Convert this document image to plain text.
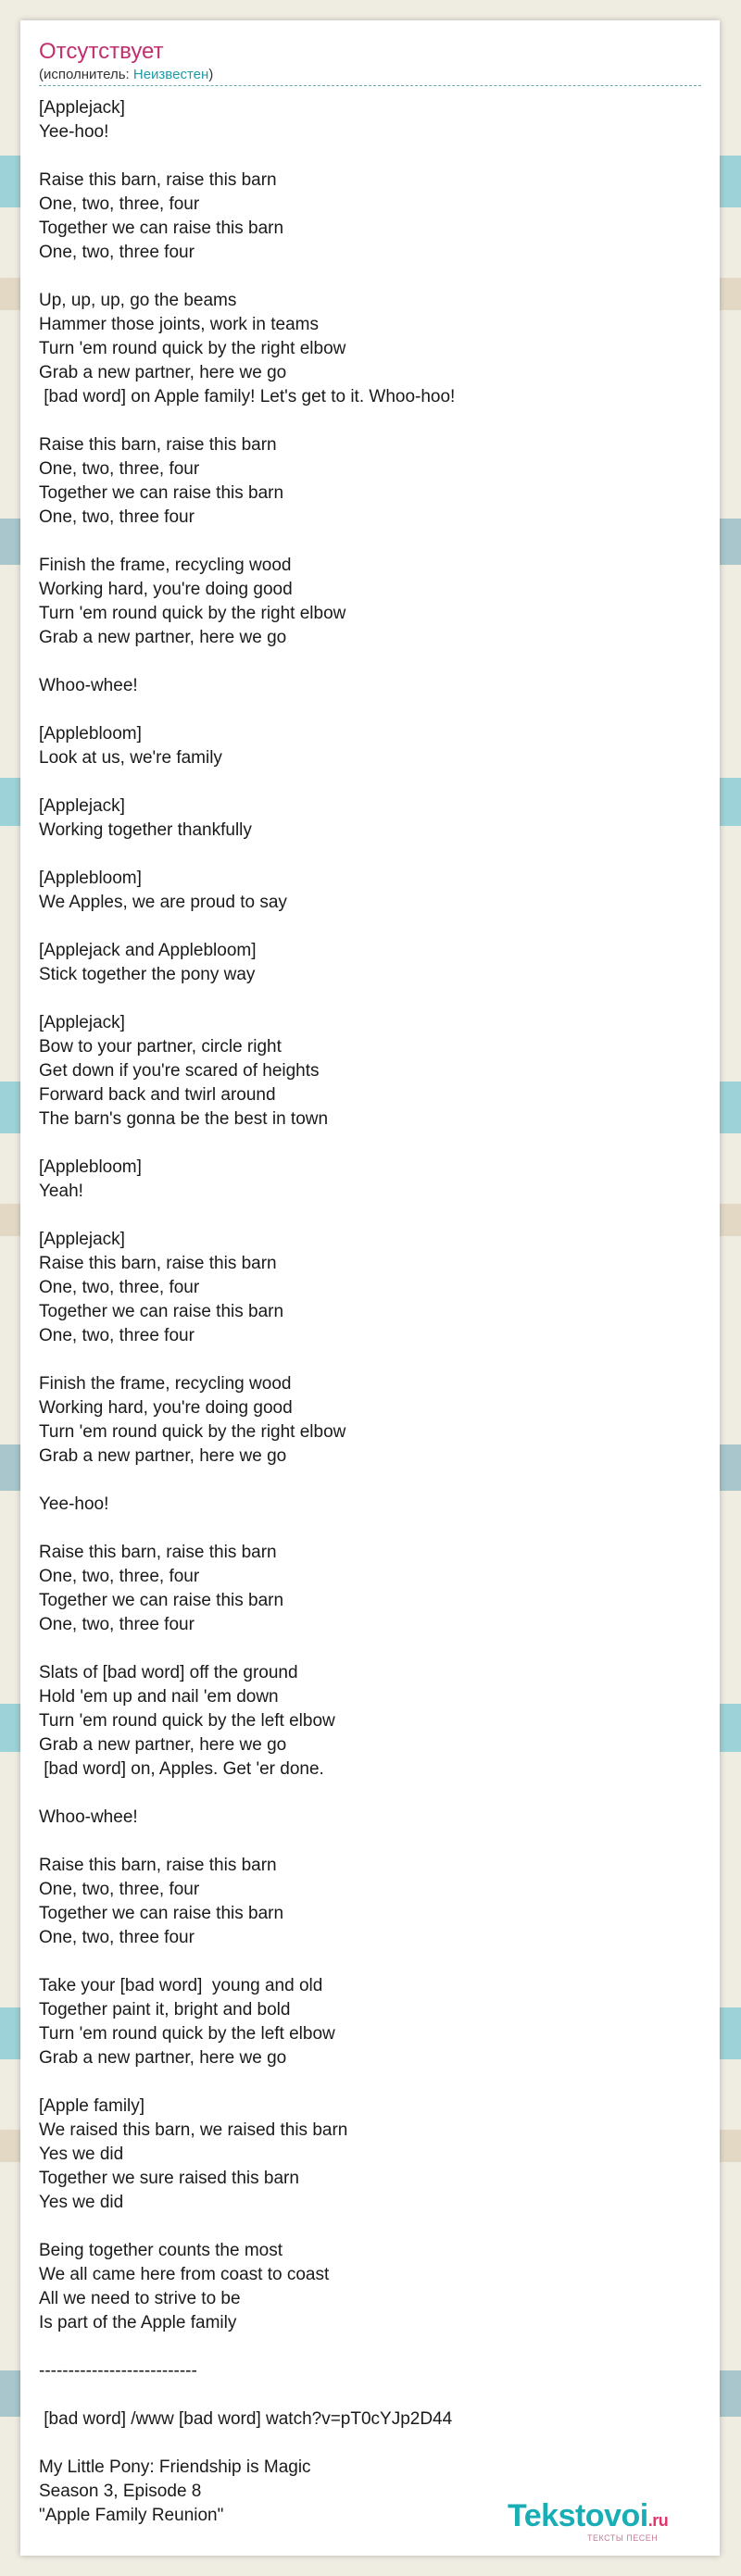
Отсутствует
(исполнитель: Неизвестен)
[Applejack]
Yee-hoo!
Raise this barn, raise this barn
One, two, three, four
Together we can raise this barn
One, two, three four
Up, up, up, go the beams
Hammer those joints, work in teams
Turn 'em round quick by the right elbow
Grab a new partner, here we go
[bad word] on Apple family! Let's get to it. Whoo-hoo!
Raise this barn, raise this barn
One, two, three, four
Together we can raise this barn
One, two, three four
Finish the frame, recycling wood
Working hard, you're doing good
Turn 'em round quick by the right elbow
Grab a new partner, here we go
Whoo-whee!
[Applebloom]
Look at us, we're family
[Applejack]
Working together thankfully
[Applebloom]
We Apples, we are proud to say
[Applejack and Applebloom]
Stick together the pony way
[Applejack]
Bow to your partner, circle right
Get down if you're scared of heights
Forward back and twirl around
The barn's gonna be the best in town
[Applebloom]
Yeah!
[Applejack]
Raise this barn, raise this barn
One, two, three, four
Together we can raise this barn
One, two, three four
Finish the frame, recycling wood
Working hard, you're doing good
Turn 'em round quick by the right elbow
Grab a new partner, here we go
Yee-hoo!
Raise this barn, raise this barn
One, two, three, four
Together we can raise this barn
One, two, three four
Slats of [bad word] off the ground
Hold 'em up and nail 'em down
Turn 'em round quick by the left elbow
Grab a new partner, here we go
[bad word] on, Apples. Get 'er done.
Whoo-whee!
Raise this barn, raise this barn
One, two, three, four
Together we can raise this barn
One, two, three four
Take your [bad word]  young and old
Together paint it, bright and bold
Turn 'em round quick by the left elbow
Grab a new partner, here we go
[Apple family]
We raised this barn, we raised this barn
Yes we did
Together we sure raised this barn
Yes we did
Being together counts the most
We all came here from coast to coast
All we need to strive to be
Is part of the Apple family
---------------------------
[bad word] /www [bad word] watch?v=pT0cYJp2D44
My Little Pony: Friendship is Magic
Season 3, Episode 8
"Apple Family Reunion"	Tekstovoi.ru
ТЕКСТЫ ПЕСЕН
